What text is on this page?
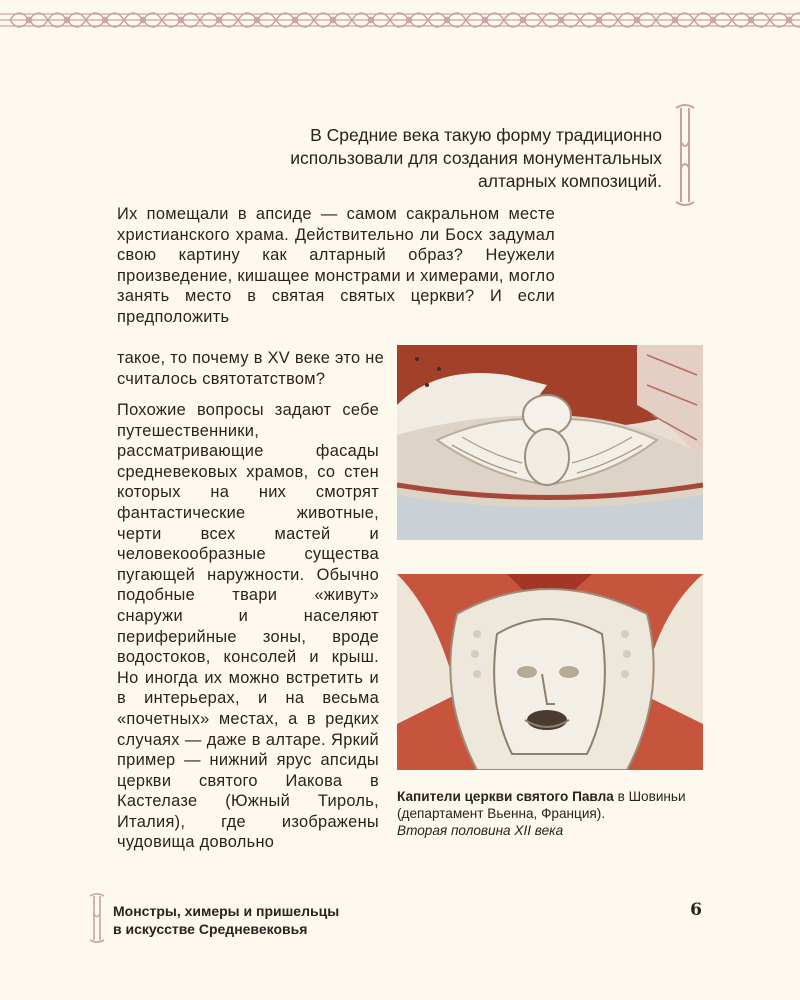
В Средние века такую форму традиционно
использовали для создания монументальных
алтарных композиций.

Их помещали в апсиде — самом сакральном месте христианского храма. Действительно ли Босх задумал свою картину как алтарный образ? Неужели произведение, кишащее монстрами и химерами, могло занять место в святая святых церкви? И если предположить

такое, то почему в XV веке это не считалось святотатством?

Похожие вопросы задают себе путешественники, рассматривающие фасады средневековых храмов, со стен которых на них смотрят фантастические животные, черти всех мастей и человекообразные существа пугающей наружности. Обычно подобные твари «живут» снаружи и населяют периферийные зоны, вроде водостоков, консолей и крыш. Но иногда их можно встретить и в интерьерах, и на весьма «почетных» местах, а в редких случаях — даже в алтаре. Яркий пример — нижний ярус апсиды церкви святого Иакова в Кастелазе (Южный Тироль, Италия), где изображены чудовища довольно

Капители церкви святого Павла в Шовиньи (департамент Вьенна, Франция).
Вторая половина XII века
Монстры, химеры и пришельцы
в искусстве Средневековья
6
